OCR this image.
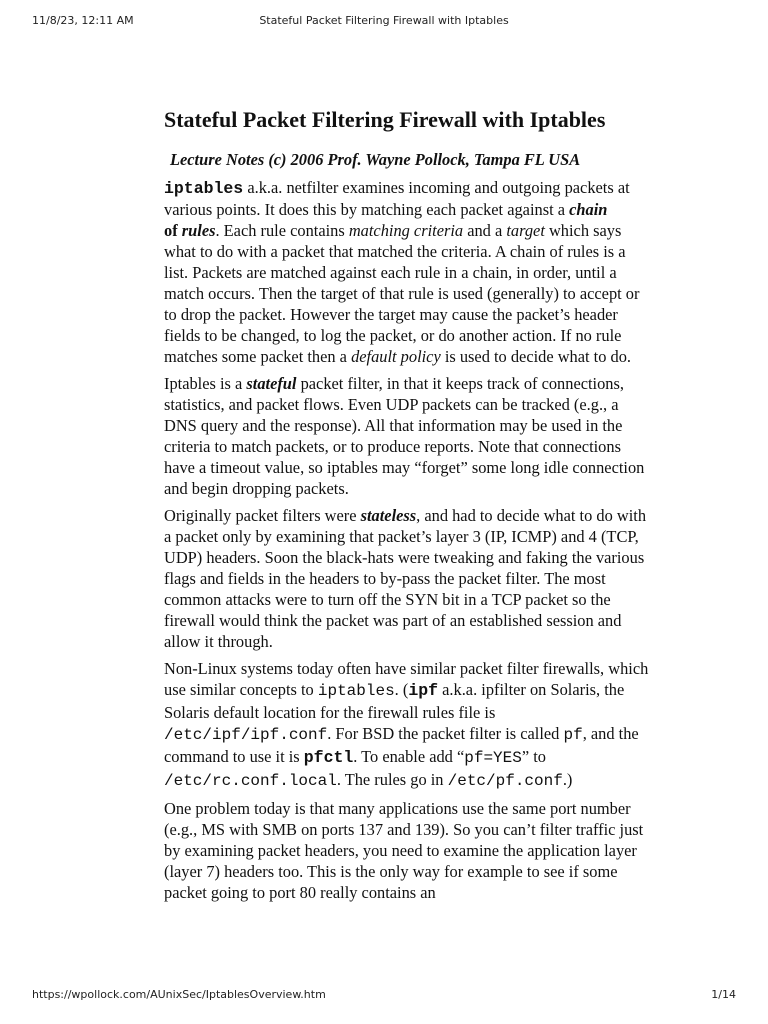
11/8/23, 12:11 AM	Stateful Packet Filtering Firewall with Iptables
Stateful Packet Filtering Firewall with Iptables
Lecture Notes (c) 2006 Prof. Wayne Pollock, Tampa FL USA

iptables a.k.a. netfilter examines incoming and outgoing packets at various points. It does this by matching each packet against a chain
of rules. Each rule contains matching criteria and a target which says what to do with a packet that matched the criteria. A chain of rules is a list. Packets are matched against each rule in a chain, in order, until a match occurs. Then the target of that rule is used (generally) to accept or to drop the packet. However the target may cause the packet’s header fields to be changed, to log the packet, or do another action. If no rule matches some packet then a default policy is used to decide what to do.

Iptables is a stateful packet filter, in that it keeps track of connections, statistics, and packet flows. Even UDP packets can be tracked (e.g., a DNS query and the response). All that information may be used in the criteria to match packets, or to produce reports. Note that connections have a timeout value, so iptables may “forget” some long idle connection and begin dropping packets.

Originally packet filters were stateless, and had to decide what to do with a packet only by examining that packet’s layer 3 (IP, ICMP) and 4 (TCP, UDP) headers. Soon the black-hats were tweaking and faking the various flags and fields in the headers to by-pass the packet filter. The most common attacks were to turn off the SYN bit in a TCP packet so the firewall would think the packet was part of an established session and allow it through.

Non-Linux systems today often have similar packet filter firewalls, which use similar concepts to iptables. (ipf a.k.a. ipfilter on Solaris, the Solaris default location for the firewall rules file is /etc/ipf/ipf.conf. For BSD the packet filter is called pf, and the command to use it is pfctl. To enable add “pf=YES” to /etc/rc.conf.local. The rules go in /etc/pf.conf.)

One problem today is that many applications use the same port number (e.g., MS with SMB on ports 137 and 139). So you can’t filter traffic just by examining packet headers, you need to examine the application layer (layer 7) headers too. This is the only way for example to see if some packet going to port 80 really contains an

https://wpollock.com/AUnixSec/IptablesOverview.htm	1/14
